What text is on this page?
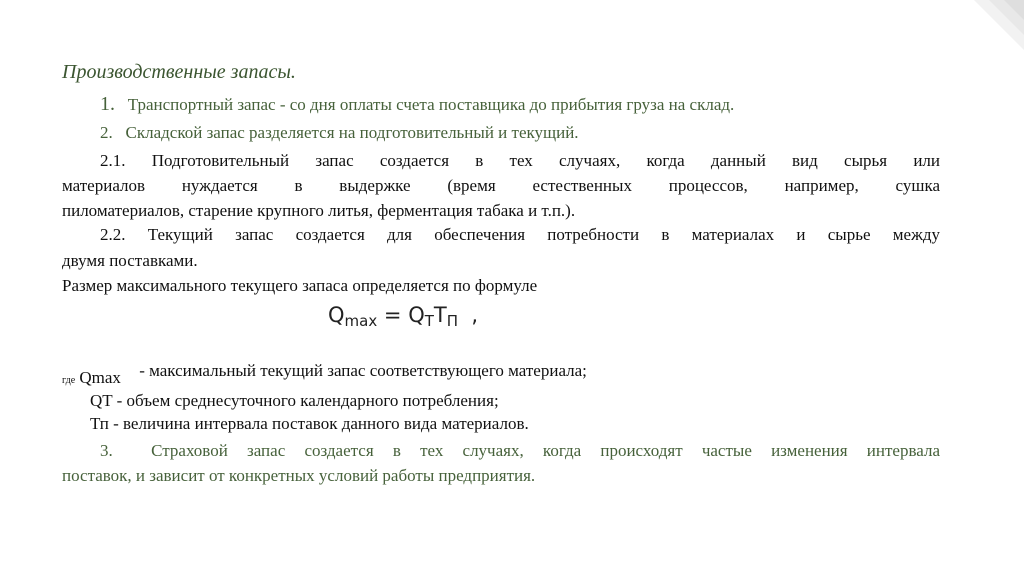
Производственные запасы.
1. Транспортный запас - со дня оплаты счета поставщика до прибытия груза на склад.
2. Складской запас разделяется на подготовительный и текущий.
2.1. Подготовительный запас создается в тех случаях, когда данный вид сырья или
материалов нуждается в выдержке (время естественных процессов, например, сушка
пиломатериалов, старение крупного литья, ферментация табака и т.п.).
2.2. Текущий запас создается для обеспечения потребности в материалах и сырье между
двумя поставками.
Размер максимального текущего запаса определяется по формуле
$Q_{max} = Q_TT_П$ ,
где Qmax - максимальный текущий запас соответствующего материала;
QT - объем среднесуточного календарного потребления;
Тп - величина интервала поставок данного вида материалов.
3. Страховой запас создается в тех случаях, когда происходят частые изменения интервала
поставок, и зависит от конкретных условий работы предприятия.
